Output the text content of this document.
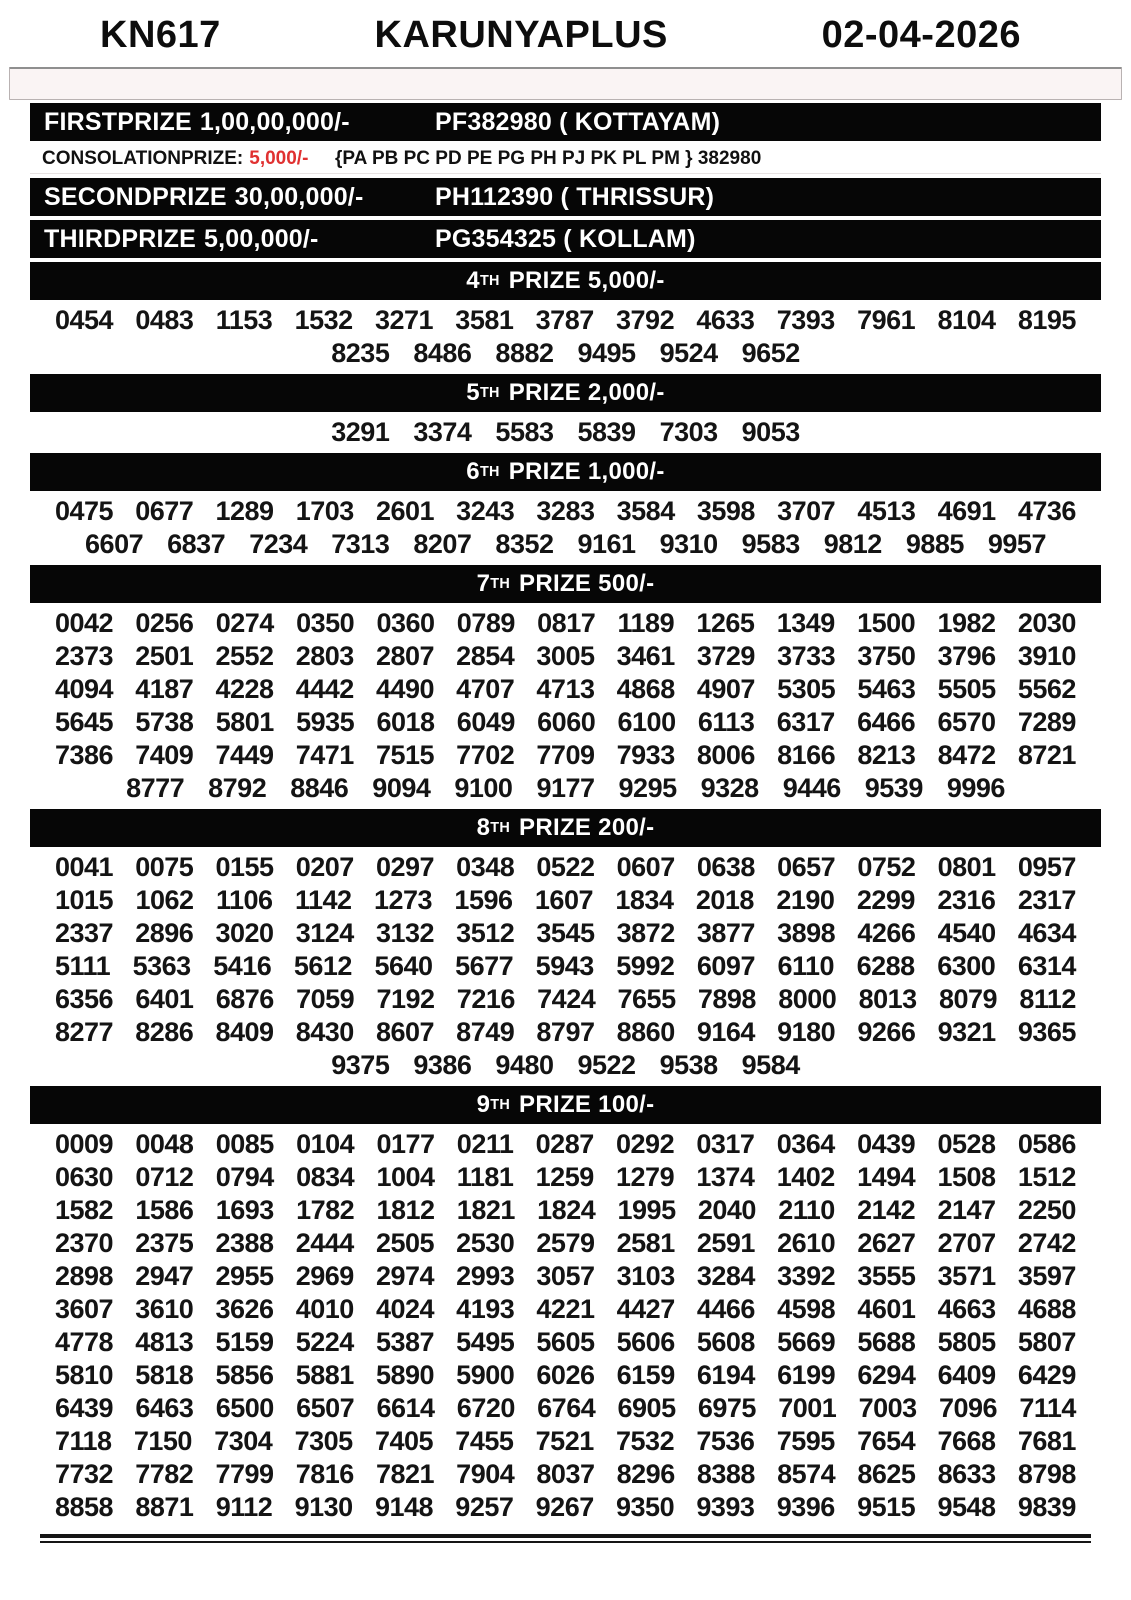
KN617	KARUNYAPLUS	02-04-2026
FIRSTPRIZE 1,00,00,000/-	PF382980 ( KOTTAYAM)
CONSOLATIONPRIZE: 5,000/- {PA PB PC PD PE PG PH PJ PK PL PM } 382980
SECONDPRIZE 30,00,000/-	PH112390 ( THRISSUR)
THIRDPRIZE 5,00,000/-	PG354325 ( KOLLAM)
4 TH PRIZE 5,000/-
0454 0483 1153 1532 3271 3581 3787 3792 4633 7393 7961 8104 8195
8235 8486 8882 9495 9524 9652
5 TH PRIZE 2,000/-
3291 3374 5583 5839 7303 9053
6 TH PRIZE 1,000/-
0475 0677 1289 1703 2601 3243 3283 3584 3598 3707 4513 4691 4736
6607 6837 7234 7313 8207 8352 9161 9310 9583 9812 9885 9957
7 TH PRIZE 500/-
0042 0256 0274 0350 0360 0789 0817 1189 1265 1349 1500 1982 2030
2373 2501 2552 2803 2807 2854 3005 3461 3729 3733 3750 3796 3910
4094 4187 4228 4442 4490 4707 4713 4868 4907 5305 5463 5505 5562
5645 5738 5801 5935 6018 6049 6060 6100 6113 6317 6466 6570 7289
7386 7409 7449 7471 7515 7702 7709 7933 8006 8166 8213 8472 8721
8777 8792 8846 9094 9100 9177 9295 9328 9446 9539 9996
8 TH PRIZE 200/-
0041 0075 0155 0207 0297 0348 0522 0607 0638 0657 0752 0801 0957
1015 1062 1106 1142 1273 1596 1607 1834 2018 2190 2299 2316 2317
2337 2896 3020 3124 3132 3512 3545 3872 3877 3898 4266 4540 4634
5111 5363 5416 5612 5640 5677 5943 5992 6097 6110 6288 6300 6314
6356 6401 6876 7059 7192 7216 7424 7655 7898 8000 8013 8079 8112
8277 8286 8409 8430 8607 8749 8797 8860 9164 9180 9266 9321 9365
9375 9386 9480 9522 9538 9584
9 TH PRIZE 100/-
0009 0048 0085 0104 0177 0211 0287 0292 0317 0364 0439 0528 0586
0630 0712 0794 0834 1004 1181 1259 1279 1374 1402 1494 1508 1512
1582 1586 1693 1782 1812 1821 1824 1995 2040 2110 2142 2147 2250
2370 2375 2388 2444 2505 2530 2579 2581 2591 2610 2627 2707 2742
2898 2947 2955 2969 2974 2993 3057 3103 3284 3392 3555 3571 3597
3607 3610 3626 4010 4024 4193 4221 4427 4466 4598 4601 4663 4688
4778 4813 5159 5224 5387 5495 5605 5606 5608 5669 5688 5805 5807
5810 5818 5856 5881 5890 5900 6026 6159 6194 6199 6294 6409 6429
6439 6463 6500 6507 6614 6720 6764 6905 6975 7001 7003 7096 7114
7118 7150 7304 7305 7405 7455 7521 7532 7536 7595 7654 7668 7681
7732 7782 7799 7816 7821 7904 8037 8296 8388 8574 8625 8633 8798
8858 8871 9112 9130 9148 9257 9267 9350 9393 9396 9515 9548 9839
